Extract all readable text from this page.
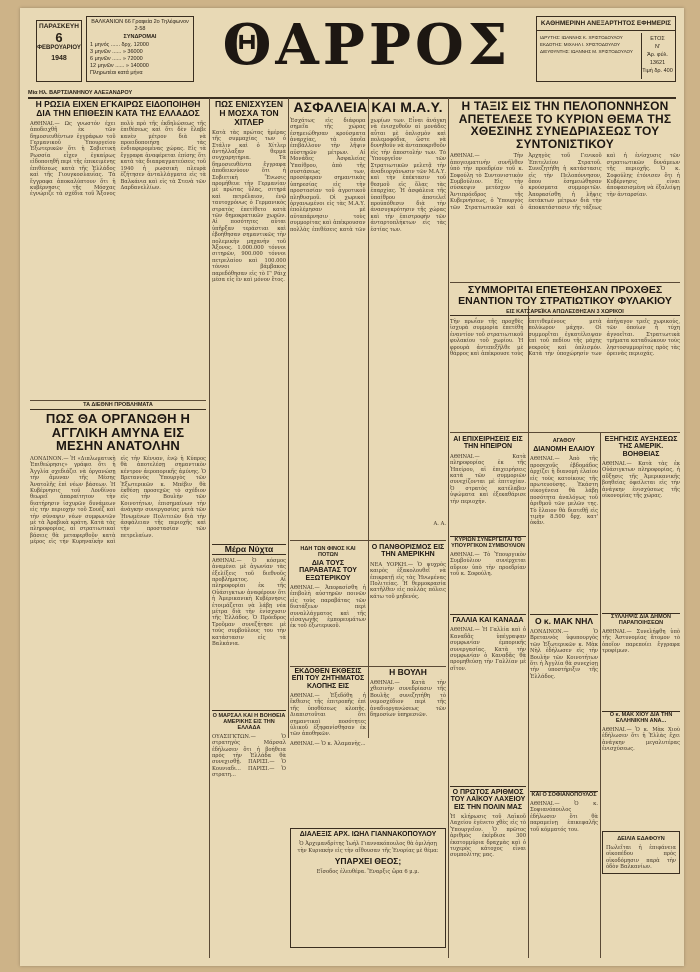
ΠΑΡΑΣΚΕΥΗ
6
ΦΕΒΡΟΥΑΡΙΟΥ
1948
ΒΑΛΚΑΝΙΩΝ 66 Γραφεία 2ο Τηλέφωνον 2-58
ΣΥΝΔΡΟΜΑΙ
1 μηνός ...... δρχ. 12000
3 μηνῶν ...... » 36000
6 μηνῶν ...... » 72000
12 μηνῶν ...... » 140000
Πληρωτέαι κατά μήνα	ΘΑΡΡΟΣ	ΚΑΘΗΜΕΡΙΝΗ ΑΝΕΞΑΡΤΗΤΟΣ ΕΦΗΜΕΡΙΣ
ΙΔΡΥΤΗΣ: ΙΩΑΝΝΗΣ Κ. ΧΡΙΣΤΟΔΟΥΛΟΥ
ΕΚΔΟΤΗΣ: ΜΙΧΑΗΛ Ι. ΧΡΙΣΤΟΔΟΥΛΟΥ
ΔΙΕΥΘΥΝΤΗΣ: ΙΩΑΝΝΗΣ Μ. ΧΡΙΣΤΟΔΟΥΛΟΥ
ΕΤΟΣ
Ν'
Άρ. φύλ. 13621
Τιμή δρ. 400
Μία Ηλ. ΒΑΡΤΣΙΑΝΗΝΟΥ ΑΛΕΞΑΝΔΡΟΥ
Η ΡΩΣΙΑ ΕΙΧΕΝ ΕΓΚΑΙΡΩΣ ΕΙΔΟΠΟΙΗΘΗ ΔΙΑ ΤΗΝ ΕΠΙΘΕΣΙΝ ΚΑΤΑ ΤΗΣ ΕΛΛΑΔΟΣ
ΑΘΗΝΑΙ.— Ως γνωστόν έχει ἀποδειχθῆ ἐκ τῶν δημοσιευθέντων ἐγγράφων τοῦ Γερμανικοῦ Ὑπουργείου Ἐξωτερικῶν ὅτι ἡ Σοβιετική Ρωσσία εἶχεν ἐγκαίρως εἰδοποιηθῆ περὶ τῆς ἐπικειμένης ἐπιθέσεως κατὰ τῆς Ἑλλάδος καὶ τῆς Γιουγκοσλαυΐας. Τὰ ἔγγραφα ἀποκαλύπτουν ὅτι ἡ κυβέρνησις τῆς Μόσχας ἐγνώριζε τὰ σχέδια τοῦ Ἄξονος πολὺ πρὸ τῆς ἐκδηλώσεως τῆς ἐπιθέσεως καὶ ὅτι δὲν ἔλαβε κανὲν μέτρον διὰ νὰ προειδοποιήσῃ τὰς ἐνδιαφερομένας χώρας. Εἰς τὰ ἔγγραφα ἀναφέρεται ἐπίσης ὅτι κατὰ τὰς διαπραγματεύσεις τοῦ 1940 ἡ ρωσσικὴ πλευρὰ ἐζήτησεν ἀνταλλάγματα εἰς τὰ Βαλκάνια καὶ εἰς τὰ Στενὰ τῶν Δαρδανελλίων.
ΤΑ ΔΙΕΘΝΗ ΠΡΟΒΛΗΜΑΤΑ
ΠΩΣ ΘΑ ΟΡΓΑΝΩΘΗ Η ΑΓΓΛΙΚΗ ΑΜΥΝΑ ΕΙΣ ΜΕΣΗΝ ΑΝΑΤΟΛΗΝ
ΛΟΝΔΙΝΟΝ.— Ἡ «Διπλωματικὴ Ἐπιθεώρησις» γράφει ὅτι ἡ Ἀγγλία σχεδιάζει νὰ ὀργανώσῃ τὴν ἄμυναν τῆς Μέσης Ἀνατολῆς ἐπὶ νέων βάσεων. Ἡ Κυβέρνησις τοῦ Λονδίνου θεωρεῖ ἀπαραίτητον τὴν διατήρησιν ἰσχυρῶν δυνάμεων εἰς τὴν περιοχὴν τοῦ Σουέζ καὶ τὴν σύναψιν νέων συμφωνιῶν μὲ τὰ Ἀραβικὰ κράτη. Κατὰ τὰς πληροφορίας, αἱ στρατιωτικαὶ βάσεις θὰ μεταφερθοῦν κατὰ μέρος εἰς τὴν Κυρηναϊκὴν καὶ εἰς τὴν Κένυαν, ἐνῷ ἡ Κύπρος θὰ ἀποτελέσῃ σημαντικὸν κέντρον ἀεροπορικῆς ἀμύνης. Ὁ Βρεταννὸς Ὑπουργὸς τῶν Ἐξωτερικῶν κ. Μπέβιν θὰ ἐκθέσῃ προσεχῶς τὸ σχέδιον εἰς τὴν Βουλὴν τῶν Κοινοτήτων, ἐπισημαίνων τὴν ἀνάγκην συνεργασίας μετὰ τῶν Ἡνωμένων Πολιτειῶν διὰ τὴν ἀσφάλειαν τῆς περιοχῆς καὶ τὴν προστασίαν τῶν πετρελαίων.
ΠΩΣ ΕΝΙΣΧΥΣΕΝ Η ΜΟΣΧΑ ΤΟΝ ΧΙΤΛΕΡ
Κατὰ τὰς πρώτας ἡμέρας τῆς συμμαχίας των ὁ Στάλιν καὶ ὁ Χίτλερ ἀντήλλαξαν θερμὰ συγχαρητήρια. Τὰ δημοσιευθέντα ἔγγραφα ἀποδεικνύουν ὅτι ἡ Σοβιετικὴ Ἕνωσις προμήθευε τὴν Γερμανίαν μὲ πρώτας ὕλας, σιτηρά καὶ πετρέλαιον, ἐνῷ ταυτοχρόνως ὁ Γερμανικὸς στρατὸς ἐπετίθετο κατὰ τῶν δημοκρατικῶν χωρῶν. Αἱ ποσότητες αὗται ὑπῆρξαν τεράστιαι καὶ ἐβοήθησαν σημαντικῶς τὴν πολεμικὴν μηχανὴν τοῦ Ἄξονος. 1.000.000 τόννοι σιτηρῶν, 900.000 τόννοι πετρελαίου καὶ 100.000 τόννοι βάμβακος παρεδόθησαν εἰς τὸ Γ' Ράιχ μέσα εἰς ἓν καὶ μόνον ἔτος.
Μέρα Νύχτα
ΑΘΗΝΑΙ.— Ὁ κόσμος ἀναμένει μὲ ἀγωνίαν τὰς ἐξελίξεις τοῦ διεθνοῦς προβλήματος. Αἱ πληροφορίαι ἐκ τῆς Οὐάσιγκτων ἀναφέρουν ὅτι ἡ Ἀμερικανικὴ Κυβέρνησις ἑτοιμάζεται νὰ λάβῃ νέα μέτρα διὰ τὴν ἐνίσχυσιν τῆς Ἑλλάδος. Ὁ Πρόεδρος Τροῦμαν συνεζήτησε μὲ τοὺς συμβούλους του τὴν κατάστασιν εἰς τὰ Βαλκάνια.
Ο ΜΑΡΣΑΛ ΚΑΙ Η ΒΟΗΘΕΙΑ ΑΜΕΡΙΚΗΣ ΕΙΣ ΤΗΝ ΕΛΛΑΔΑ
ΟΥΑΣΙΓΚΤΩΝ.— Ὁ στρατηγὸς Μάρσαλ ἐδήλωσεν ὅτι ἡ βοήθεια πρὸς τὴν Ἑλλάδα θὰ συνεχισθῇ. ΠΑΡΙΣΙ.— Ὁ Κουνιαδι... ΠΑΡΙΣΙ.— Ὁ στρατη...
ΑΣΦΑΛΕΙΑ ΚΑΙ Μ.Α.Υ.
Ἐσχάτως εἰς διάφορα σημεῖα τῆς χώρας ἐσημειώθησαν κρούσματα ἀναρχίας, τὰ ὁποῖα ἐπιβάλλουν τὴν λῆψιν αὐστηρῶν μέτρων. Αἱ Μονάδες Ἀσφαλείας Ὑπαίθρου, ἀπὸ τῆς συστάσεως των, προσέφεραν σημαντικὰς ὑπηρεσίας εἰς τὴν προστασίαν τοῦ ἀγροτικοῦ πληθυσμοῦ. Οἱ χωρικοὶ ὀργανωμένοι εἰς τὰς Μ.Α.Υ. ἐπολέμησαν μὲ αὐταπάρνησιν τοὺς συμμορίτας καὶ ἀπέκρουσαν πολλὰς ἐπιθέσεις κατὰ τῶν χωρίων των. Εἶναι ἀνάγκη νὰ ἐνισχυθοῦν αἱ μονάδες αὗται μὲ ὁπλισμὸν καὶ πολεμοφόδια, ὥστε νὰ δυνηθοῦν νὰ ἀνταποκριθοῦν εἰς τὴν ἀποστολήν των. Τὸ Ὑπουργεῖον τῶν Στρατιωτικῶν μελετᾷ τὴν ἀναδιοργάνωσιν τῶν Μ.Α.Υ. καὶ τὴν ἐπέκτασιν τοῦ θεσμοῦ εἰς ὅλας τὰς ἐπαρχίας. Ἡ ἀσφάλεια τῆς ὑπαίθρου ἀποτελεῖ προϋπόθεσιν διὰ τὴν ἀνασυγκρότησιν τῆς χώρας καὶ τὴν ἐπιστροφὴν τῶν ἀνταρτοπλήκτων εἰς τὰς ἑστίας των.
Α. Α.
ΗΔΗ ΤΩΝ ΦΙΝΟΣ ΚΑΙ ΠΟΤΩΝ
ΔΙΑ ΤΟΥΣ ΠΑΡΑΒΑΤΑΣ ΤΟΥ ΕΞΩΤΕΡΙΚΟΥ
ΑΘΗΝΑΙ.— Ἀπεφασίσθη ἡ ἐπιβολὴ αὐστηρῶν ποινῶν εἰς τοὺς παραβάτας τῶν διατάξεων περὶ συναλλάγματος καὶ τῆς εἰσαγωγῆς ἐμπορευμάτων ἐκ τοῦ ἐξωτερικοῦ.
Ο ΠΑΝΘΟΡΙΣΜΟΣ ΕΙΣ ΤΗΝ ΑΜΕΡΙΚΗΝ
ΝΕΑ ΥΟΡΚΗ.— Ὁ ψυχρὸς καιρὸς ἐξακολουθεῖ νὰ ἐπικρατῇ εἰς τὰς Ἡνωμένας Πολιτείας. Ἡ θερμοκρασία κατῆλθεν εἰς πολλὰς πόλεις κάτω τοῦ μηδενός.
ΕΚΔΟΘΕΝ ΕΚΘΕΣΙΣ ΕΠΙ ΤΟΥ ΖΗΤΗΜΑΤΟΣ ΚΛΟΠΗΣ ΕΙΣ
ΑΘΗΝΑΙ.— Ἐξεδόθη ἡ ἔκθεσις τῆς ἐπιτροπῆς ἐπὶ τῆς ὑποθέσεως κλοπῆς. Διαπιστοῦται ὅτι σημαντικαὶ ποσότητες ὑλικοῦ ἐξηφανίσθησαν ἐκ τῶν ἀποθηκῶν.
ΑΘΗΝΑΙ.— Ὁ κ. Ἀλαμανὴς...
Η ΒΟΥΛΗ
ΑΘΗΝΑΙ.— Κατὰ τὴν χθεσινὴν συνεδρίασιν τῆς Βουλῆς συνεζητήθη τὸ νομοσχέδιον περὶ τῆς ἀναδιοργανώσεως τῶν δημοσίων ὑπηρεσιῶν.
ΔΙΑΛΕΞΙΣ ΑΡΧ. ΙΩΗΛ ΓΙΑΝΝΑΚΟΠΟΥΛΟΥ
Ὁ Ἀρχιμανδρίτης Ἰωὴλ Γιαννακόπουλος θὰ ὁμιλήσῃ τὴν Κυριακὴν εἰς τὴν αἴθουσαν τῆς Ἐνορίας μὲ θέμα:
ΥΠΑΡΧΕΙ ΘΕΟΣ;
Εἴσοδος ἐλευθέρα. Ἔναρξις ὥρα 6 μ.μ.
Η ΤΑΞΙΣ ΕΙΣ ΤΗΝ ΠΕΛΟΠΟΝΝΗΣΟΝ ΑΠΕΤΕΛΕΣΕ ΤΟ ΚΥΡΙΟΝ ΘΕΜΑ ΤΗΣ ΧΘΕΣΙΝΗΣ ΣΥΝΕΔΡΙΑΣΕΩΣ ΤΟΥ ΣΥΝΤΟΝΙΣΤΙΚΟΥ
ΑΘΗΝΑΙ.— Τὴν ἀπογευματινὴν συνῆλθεν ὑπὸ τὴν προεδρίαν τοῦ κ. Σοφούλη τὸ Συντονιστικὸν Συμβούλιον. Εἰς τὴν σύσκεψιν μετέσχον ὁ Ἀντιπρόεδρος τῆς Κυβερνήσεως, ὁ Ὑπουργὸς τῶν Στρατιωτικῶν καὶ ὁ Ἀρχηγὸς τοῦ Γενικοῦ Ἐπιτελείου Στρατοῦ. Συνεζητήθη ἡ κατάστασις εἰς τὴν Πελοπόννησον, ὅπου ἐσημειώθησαν κρούσματα συμμοριτῶν. Ἀπεφασίσθη ἡ λῆψις ἐκτάκτων μέτρων διὰ τὴν ἀποκατάστασιν τῆς τάξεως καὶ ἡ ἐνίσχυσις τῶν στρατιωτικῶν δυνάμεων τῆς περιοχῆς. Ὁ κ. Σοφούλης ἐτόνισεν ὅτι ἡ Κυβέρνησις εἶναι ἀποφασισμένη νὰ ἐξαλείψῃ τὴν ἀνταρσίαν.
ΣΥΜΜΟΡΙΤΑΙ ΕΠΕΤΕΘΗΣΑΝ ΠΡΟΧΘΕΣ ΕΝΑΝΤΙΟΝ ΤΟΥ ΣΤΡΑΤΙΩΤΙΚΟΥ ΦΥΛΑΚΙΟΥ
ΕΙΣ ΚΑΤΣΑΡΕΪΚΑ ΑΠΩΛΕΣΘΗΣΑΝ 3 ΧΩΡΙΚΟΙ
Τὴν πρωΐαν τῆς προχθὲς ἰσχυρὰ συμμορία ἐπετέθη ἐναντίον τοῦ στρατιωτικοῦ φυλακίου τοῦ χωρίου. Ἡ φρουρὰ ἀντεπεξῆλθε μὲ θάρρος καὶ ἀπέκρουσε τοὺς ἐπιτιθεμένους μετὰ πολύωρον μάχην. Οἱ συμμορῖται ἐγκατέλειψαν ἐπὶ τοῦ πεδίου τῆς μάχης νεκροὺς καὶ ὁπλισμόν. Κατὰ τὴν ὑποχώρησίν των ἀπήγαγον τρεῖς χωρικούς, τῶν ὁποίων ἡ τύχη ἀγνοεῖται. Στρατιωτικὰ τμήματα καταδιώκουν τοὺς ληστοσυμμορίτας πρὸς τὰς ὀρεινὰς περιοχάς.
ΑΙ ΕΠΙΧΕΙΡΗΣΕΙΣ ΕΙΣ ΤΗΝ ΗΠΕΙΡΟΝ
ΑΘΗΝΑΙ.— Κατὰ πληροφορίας ἐκ τῆς Ἠπείρου, αἱ ἐπιχειρήσεις κατὰ τῶν συμμοριῶν συνεχίζονται μὲ ἐπιτυχίαν. Ὁ στρατὸς κατέλαβεν ὑψώματα καὶ ἐξεκαθάρισε τὴν περιοχήν.
ΚΥΡΙΩΝ ΣΥΝΕΡΓΕΙΤΑΙ ΤΟ ΥΠΟΥΡΓΙΚΟΝ ΣΥΜΒΟΥΛΙΟΝ
ΑΘΗΝΑΙ.— Τὸ Ὑπουργικὸν Συμβούλιον συνέρχεται αὔριον ὑπὸ τὴν προεδρίαν τοῦ κ. Σοφούλη.
ΑΓΑΘΟΥ
ΔΙΑΝΟΜΗ ΕΛΑΙΟΥ
ΑΘΗΝΑΙ.— Ἀπὸ τῆς προσεχοῦς ἑβδομάδος ἀρχίζει ἡ διανομὴ ἐλαίου εἰς τοὺς κατοίκους τῆς πρωτευούσης. Ἑκάστη οἰκογένεια θὰ λάβῃ ποσότητα ἀναλόγως τοῦ ἀριθμοῦ τῶν μελῶν της. Τὸ ἔλαιον θὰ διατεθῇ εἰς τιμὴν 8.500 δρχ. κατ' ὀκᾶν.
ΕΞΗΓΗΣΙΣ ΑΥΞΗΣΕΩΣ ΤΗΣ ΑΜΕΡΙΚ. ΒΟΗΘΕΙΑΣ
ΑΘΗΝΑΙ.— Κατὰ τὰς ἐκ Οὐάσιγκτων πληροφορίας, ἡ αὔξησις τῆς Ἀμερικανικῆς βοηθείας ὀφείλεται εἰς τὴν ἀνάγκην ἐνισχύσεως τῆς οἰκονομίας τῆς χώρας.
ΣΥΛΛΗΨΙΣ ΔΙΑ ΔΗΜΟΝ ΠΑΡΑΠΟΙΗΣΕΩΝ
ΑΘΗΝΑΙ.— Συνελήφθη ὑπὸ τῆς Ἀστυνομίας ἄτομον τὸ ὁποῖον παρεποίει ἔγγραφα τροφίμων.
Ο κ. ΜΑΚ ΧΙΟΥ ΔΙΑ ΤΗΝ ΕΛΛΗΝΙΚΗΝ ΑΝΑ...
ΑΘΗΝΑΙ.— Ὁ κ. Μὰκ Χιοὺ ἐδήλωσεν ὅτι ἡ Ἑλλὰς ἔχει ἀνάγκην μεγαλυτέρας ἐνισχύσεως.
ΔΕΙΛΙΑ ΕΔΑΦΟΥΝ
Πωλεῖται ἡ ἐπιφάνεια οἰκοπέδου πρὸς οἰκοδόμησιν παρὰ τὴν ὁδὸν Βαλκανίων.
ΓΑΛΛΙΑ ΚΑΙ ΚΑΝΑΔΑ
ΑΘΗΝΑΙ.— Ἡ Γαλλία καὶ ὁ Καναδᾶς ὑπέγραψαν συμφωνίαν ἐμπορικῆς συνεργασίας. Κατὰ τὴν συμφωνίαν ὁ Καναδᾶς θὰ προμηθεύσῃ τὴν Γαλλίαν μὲ σῖτον.
Ο ΠΡΩΤΟΣ ΑΡΙΘΜΟΣ ΤΟΥ ΛΑΪΚΟΥ ΛΑΧΕΙΟΥ ΕΙΣ ΤΗΝ ΠΟΛΙΝ ΜΑΣ
Ἡ κλήρωσις τοῦ Λαϊκοῦ Λαχείου ἐγένετο χθὲς εἰς τὸ Ὑπουργεῖον. Ὁ πρῶτος ἀριθμὸς ἐκέρδισε 300 ἑκατομμύρια δραχμὰς καὶ ὁ τυχερὸς κάτοχος εἶναι συμπολίτης μας.
Ο κ. ΜΑΚ ΝΗΛ
ΛΟΝΔΙΝΟΝ.— Ὁ Βρεταννὸς ὑφυπουργὸς τῶν Ἐξωτερικῶν κ. Μὰκ Νὴλ ἐδήλωσεν εἰς τὴν Βουλὴν τῶν Κοινοτήτων ὅτι ἡ Ἀγγλία θὰ συνεχίσῃ τὴν ὑποστήριξιν τῆς Ἑλλάδος.
ΚΑΙ Ο ΣΟΦΙΑΝΟΠΟΥΛΟΣ
ΑΘΗΝΑΙ.— Ὁ κ. Σοφιανόπουλος ἐδήλωσεν ὅτι θὰ παραμείνῃ ἐπικεφαλῆς τοῦ κόμματός του.
